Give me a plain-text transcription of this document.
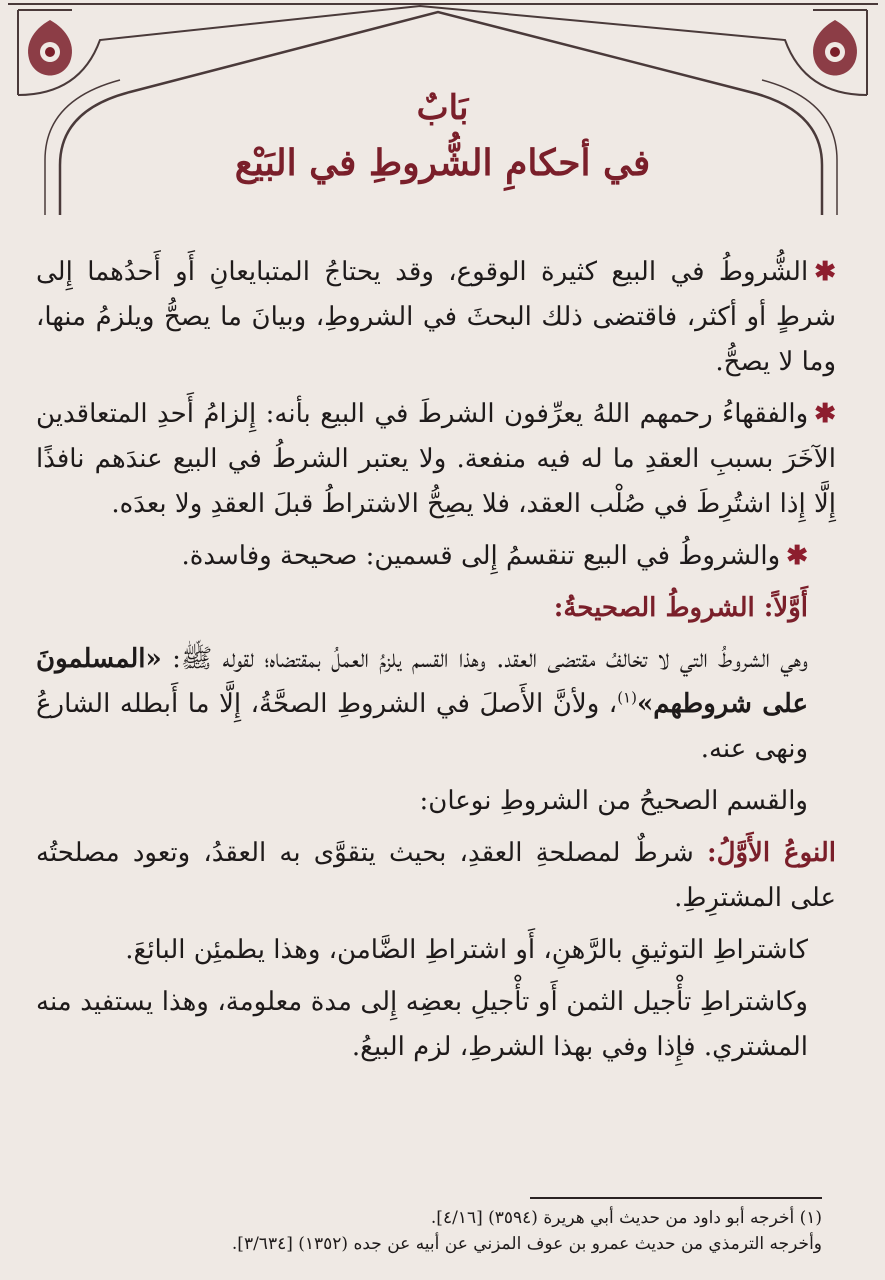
بَابٌ
في أحكامِ الشُّروطِ في البَيْع

✱الشُّروطُ في البيع كثيرة الوقوع، وقد يحتاجُ المتبايعانِ أَو أَحدُهما إِلى شرطٍ أو أكثر، فاقتضى ذلك البحثَ في الشروطِ، وبيانَ ما يصحُّ ويلزمُ منها، وما لا يصحُّ.

✱والفقهاءُ رحمهم اللهُ يعرِّفون الشرطَ في البيع بأنه: إِلزامُ أَحدِ المتعاقدين الآخَرَ بسببِ العقدِ ما له فيه منفعة. ولا يعتبر الشرطُ في البيع عندَهم نافذًا إِلَّا إِذا اشتُرِطَ في صُلْب العقد، فلا يصِحُّ الاشتراطُ قبلَ العقدِ ولا بعدَه.

✱والشروطُ في البيع تنقسمُ إِلى قسمين: صحيحة وفاسدة.

أَوَّلاً: الشروطُ الصحيحةُ:

وهي الشروطُ التي لا تخالفُ مقتضى العقد. وهذا القسم يلزمُ العملُ بمقتضاه؛ لقوله ﷺ: «المسلمونَ على شروطهم»$^{(١)}$، ولأنَّ الأَصلَ في الشروطِ الصحَّةُ، إِلَّا ما أَبطله الشارعُ ونهى عنه.

والقسم الصحيحُ من الشروطِ نوعان:

النوعُ الأَوَّلُ: شرطٌ لمصلحةِ العقدِ، بحيث يتقوَّى به العقدُ، وتعود مصلحتُه على المشترِطِ.

كاشتراطِ التوثيقِ بالرَّهنِ، أَو اشتراطِ الضَّامن، وهذا يطمئِن البائعَ.

وكاشتراطِ تأْجيل الثمن أَو تأْجيلِ بعضِه إِلى مدة معلومة، وهذا يستفيد منه المشتري. فإِذا وفي بهذا الشرطِ، لزم البيعُ.

(١) أخرجه أبو داود من حديث أبي هريرة (٣٥٩٤) [٤/١٦].
وأخرجه الترمذي من حديث عمرو بن عوف المزني عن أبيه عن جده (١٣٥٢) [٣/٦٣٤].
